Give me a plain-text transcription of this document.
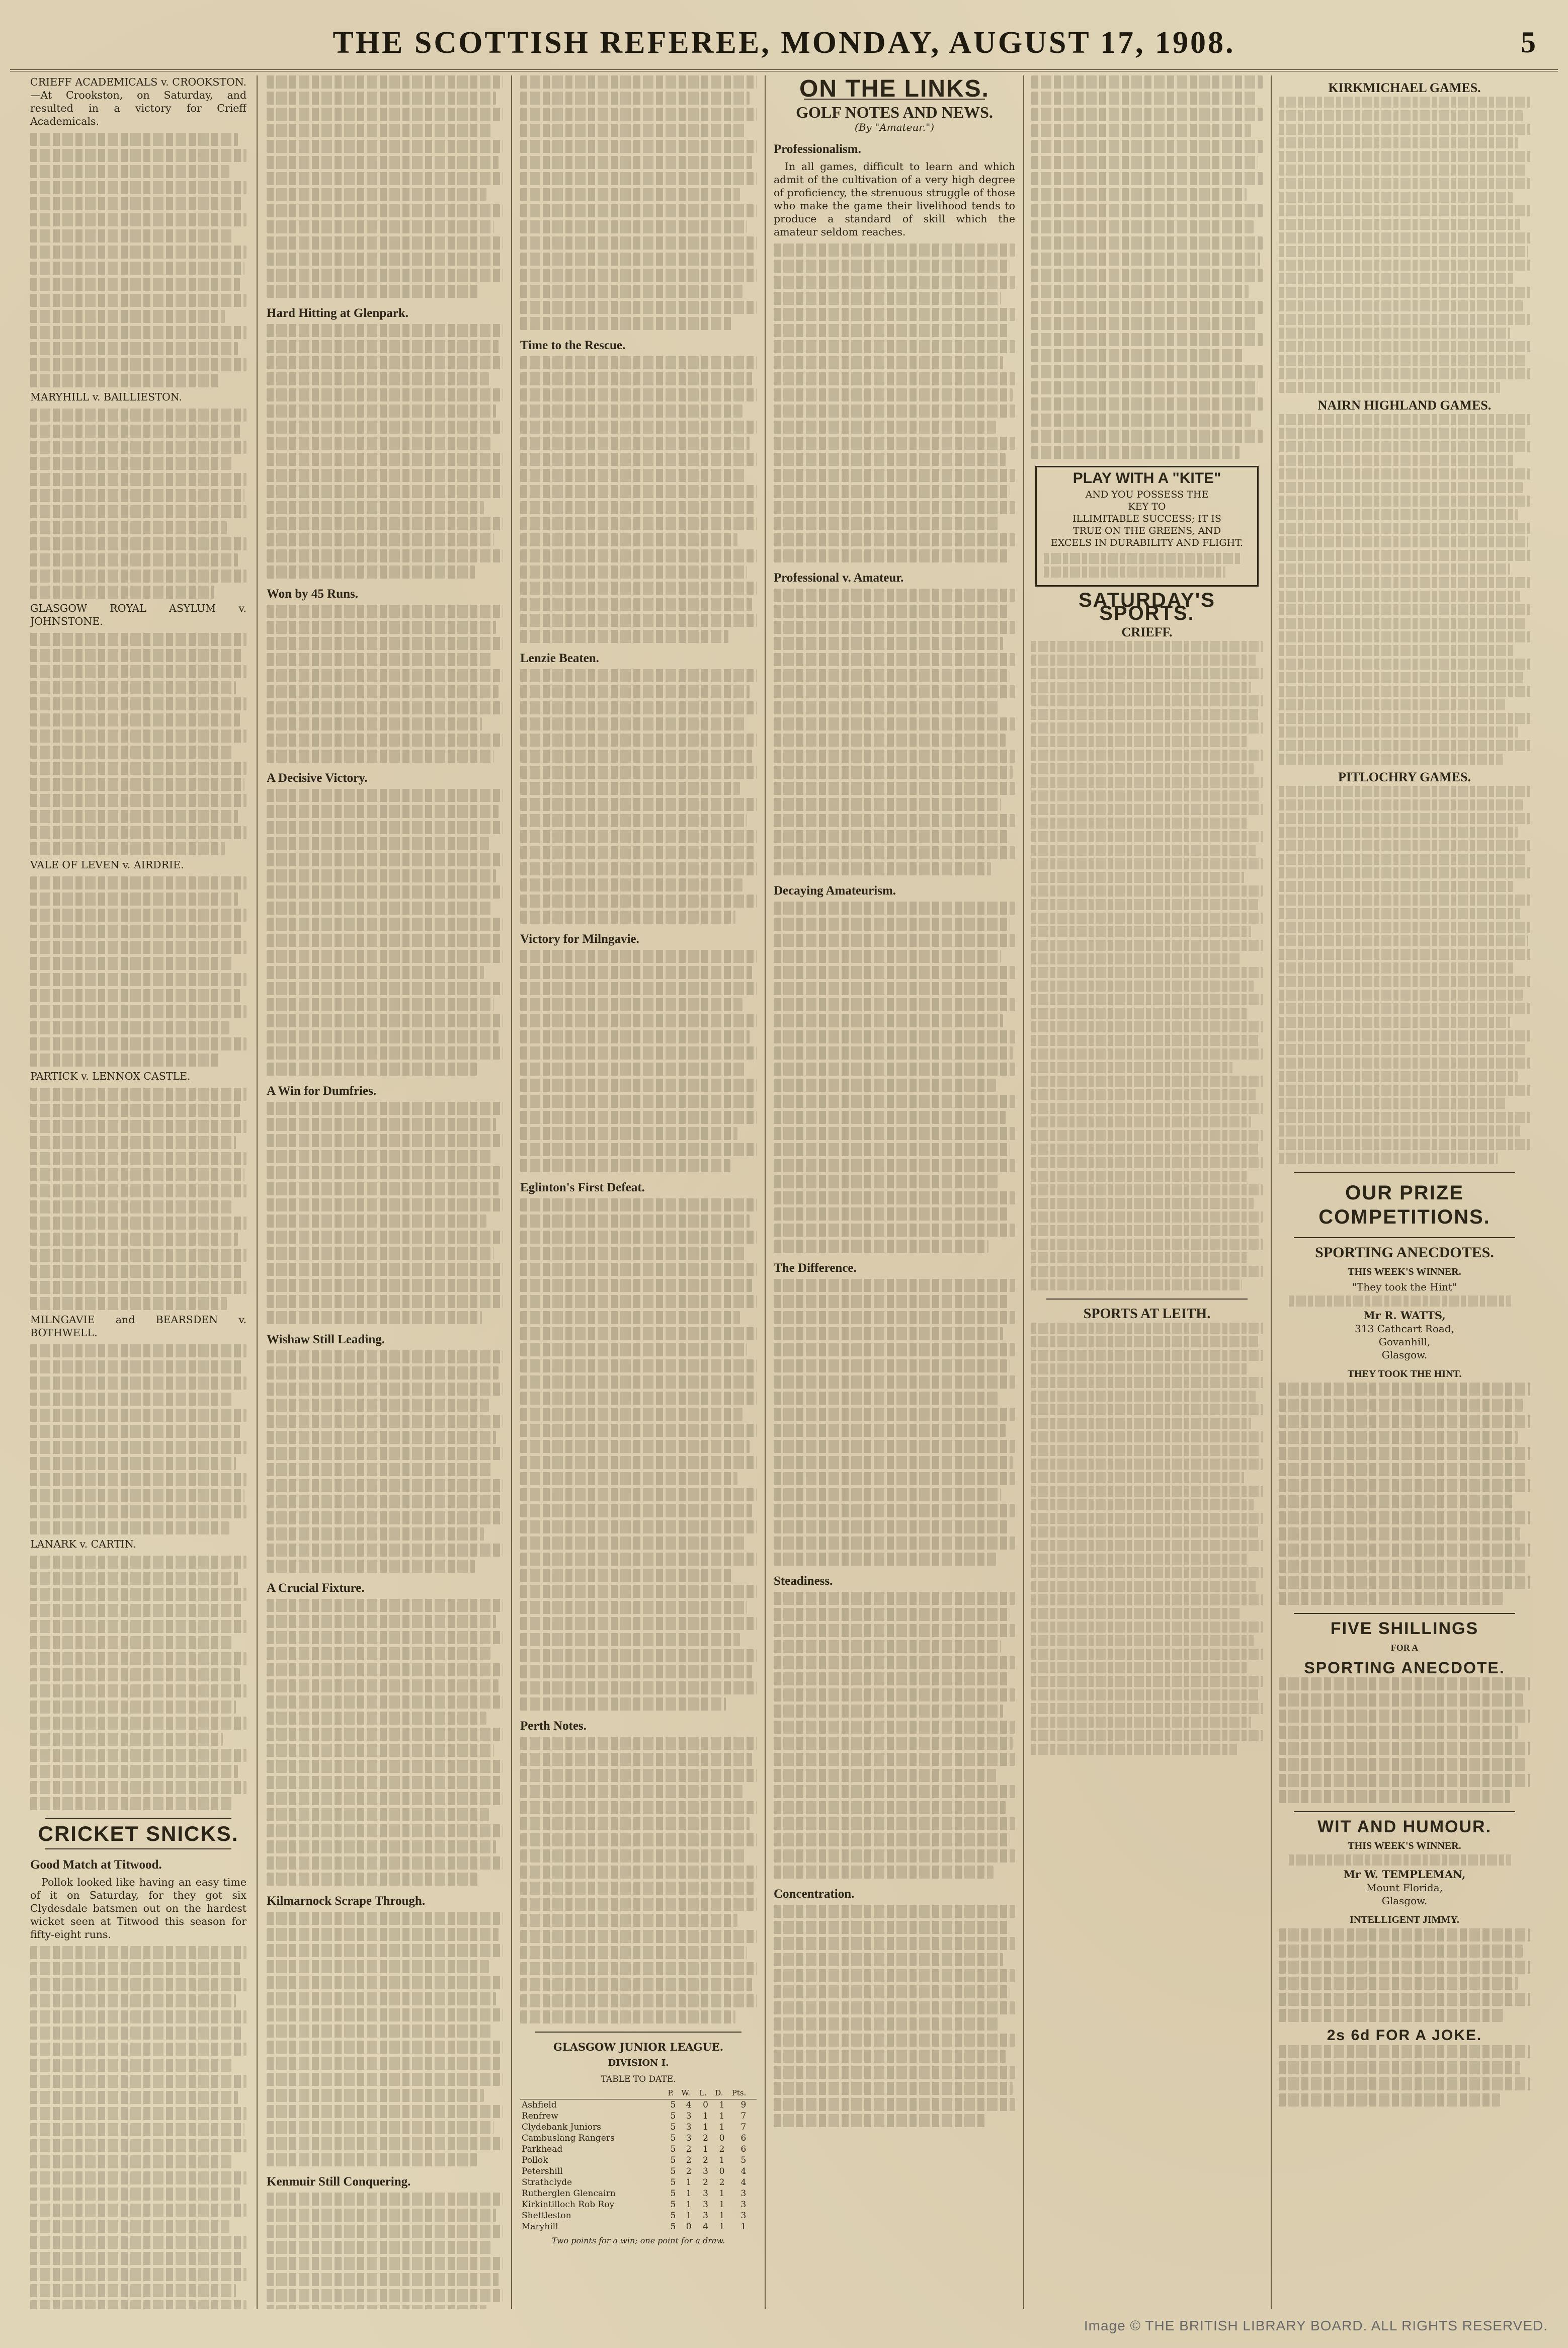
THE SCOTTISH REFEREE, MONDAY, AUGUST 17, 1908.	5

CRIEFF ACADEMICALS v. CROOKSTON.—At Crookston, on Saturday, and resulted in a victory for Crieff Academicals.

MARYHILL v. BAILLIESTON.

GLASGOW ROYAL ASYLUM v. JOHNSTONE.

VALE OF LEVEN v. AIRDRIE.

PARTICK v. LENNOX CASTLE.

MILNGAVIE and BEARSDEN v. BOTHWELL.

LANARK v. CARTIN.

CRICKET SNICKS.
Good Match at Titwood.

Pollok looked like having an easy time of it on Saturday, for they got six Clydesdale batsmen out on the hardest wicket seen at Titwood this season for fifty-eight runs.

Hard Hitting at Glenpark.
Won by 45 Runs.
A Decisive Victory.
A Win for Dumfries.
Wishaw Still Leading.
A Crucial Fixture.
Kilmarnock Scrape Through.
Kenmuir Still Conquering.
Time to the Rescue.
Lenzie Beaten.
Victory for Milngavie.
Eglinton's First Defeat.
Perth Notes.
GLASGOW JUNIOR LEAGUE.
DIVISION I.
TABLE TO DATE.
	P.	W.	L.	D.	Pts.
Ashfield	5	4	0	1	9
Renfrew	5	3	1	1	7
Clydebank Juniors	5	3	1	1	7
Cambuslang Rangers	5	3	2	0	6
Parkhead	5	2	1	2	6
Pollok	5	2	2	1	5
Petershill	5	2	3	0	4
Strathclyde	5	1	2	2	4
Rutherglen Glencairn	5	1	3	1	3
Kirkintilloch Rob Roy	5	1	3	1	3
Shettleston	5	1	3	1	3
Maryhill	5	0	4	1	1
Two points for a win; one point for a draw.
ON THE LINKS.
GOLF NOTES AND NEWS.
(By "Amateur.")
Professionalism.

In all games, difficult to learn and which admit of the cultivation of a very high degree of proficiency, the strenuous struggle of those who make the game their livelihood tends to produce a standard of skill which the amateur seldom reaches.

Professional v. Amateur.
Decaying Amateurism.
The Difference.
Steadiness.
Concentration.
PLAY WITH A "KITE"
AND YOU POSSESS THE
KEY TO
ILLIMITABLE SUCCESS; IT IS
TRUE ON THE GREENS, AND
EXCELS IN DURABILITY AND FLIGHT.
SATURDAY'S SPORTS.
CRIEFF.
SPORTS AT LEITH.
KIRKMICHAEL GAMES.
NAIRN HIGHLAND GAMES.
PITLOCHRY GAMES.
OUR PRIZE COMPETITIONS.
SPORTING ANECDOTES.
THIS WEEK'S WINNER.
"They took the Hint"
Mr R. WATTS,
313 Cathcart Road,
Govanhill,
Glasgow.
THEY TOOK THE HINT.
FIVE SHILLINGS
FOR A
SPORTING ANECDOTE.
WIT AND HUMOUR.
THIS WEEK'S WINNER.
Mr W. TEMPLEMAN,
Mount Florida,
Glasgow.
INTELLIGENT JIMMY.
2s 6d FOR A JOKE.
Image © THE BRITISH LIBRARY BOARD. ALL RIGHTS RESERVED.
